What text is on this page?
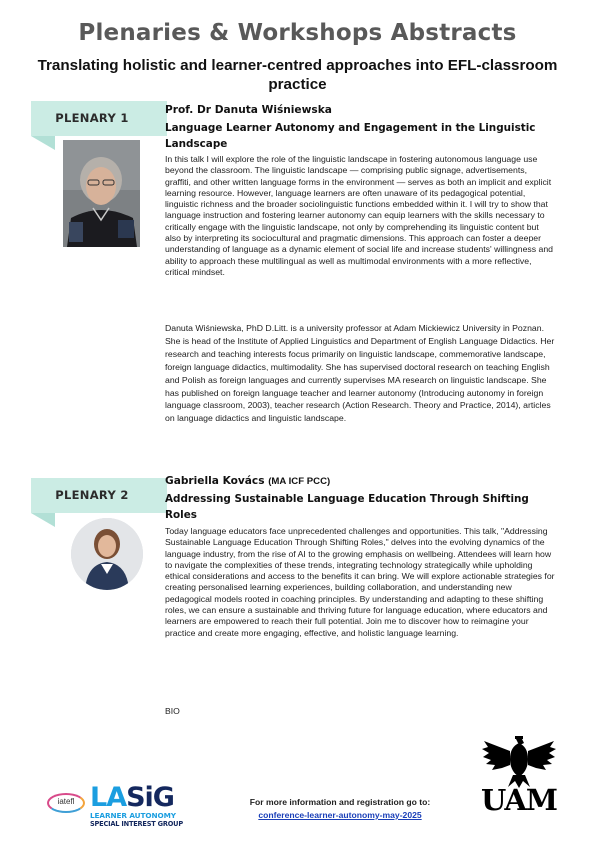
Plenaries & Workshops Abstracts
Translating holistic and learner-centred approaches into EFL-classroom practice
PLENARY 1
Prof. Dr Danuta Wiśniewska
Language Learner Autonomy and Engagement in the Linguistic Landscape
In this talk I will explore the role of the linguistic landscape in fostering autonomous language use beyond the classroom. The linguistic landscape — comprising public signage, advertisements, graffiti, and other written language forms in the environment — serves as both an implicit and explicit learning resource. However, language learners are often unaware of its pedagogical potential, linguistic richness and the broader sociolinguistic functions embedded within it. I will try to show that language instruction and fostering learner autonomy can equip learners with the skills necessary to critically engage with the linguistic landscape, not only by comprehending its linguistic content but also by interpreting its sociocultural and pragmatic dimensions. This approach can foster a deeper understanding of language as a dynamic element of social life and increase students' willingness and ability to approach these multilingual as well as multimodal environments with a more reflective, critical mindset.
Danuta Wiśniewska, PhD D.Litt. is a university professor at Adam Mickiewicz University in Poznan. She is head of the Institute of Applied Linguistics and Department of English Language Didactics. Her research and teaching interests focus primarily on linguistic landscape, commemorative landscape, foreign language didactics, multimodality. She has supervised doctoral research on teaching English and Polish as foreign languages and currently supervises MA research on linguistic landscape. She has published on foreign language teacher and learner autonomy (Introducing autonomy in foreign language classroom, 2003), teacher research (Action Research. Theory and Practice, 2014), articles on language didactics and linguistic landscape.
PLENARY 2
Gabriella Kovács (MA ICF PCC)
Addressing Sustainable Language Education Through Shifting Roles
Today language educators face unprecedented challenges and opportunities. This talk, "Addressing Sustainable Language Education Through Shifting Roles," delves into the evolving dynamics of the language industry, from the rise of AI to the growing emphasis on wellbeing. Attendees will learn how to navigate the complexities of these trends, integrating technology strategically while upholding ethical considerations and access to the benefits it can bring. We will explore actionable strategies for creating personalised learning experiences, building collaboration, and understanding new pedagogical models rooted in coaching principles. By understanding and adapting to these shifting roles, we can ensure a sustainable and thriving future for language education, where educators and learners are empowered to reach their full potential. Join me to discover how to reimagine your practice and create more engaging, effective, and holistic language learning.
BIO
iatefl LASiG
LEARNER AUTONOMY
SPECIAL INTEREST GROUP
For more information and registration go to:
conference-learner-autonomy-may-2025	UAM
